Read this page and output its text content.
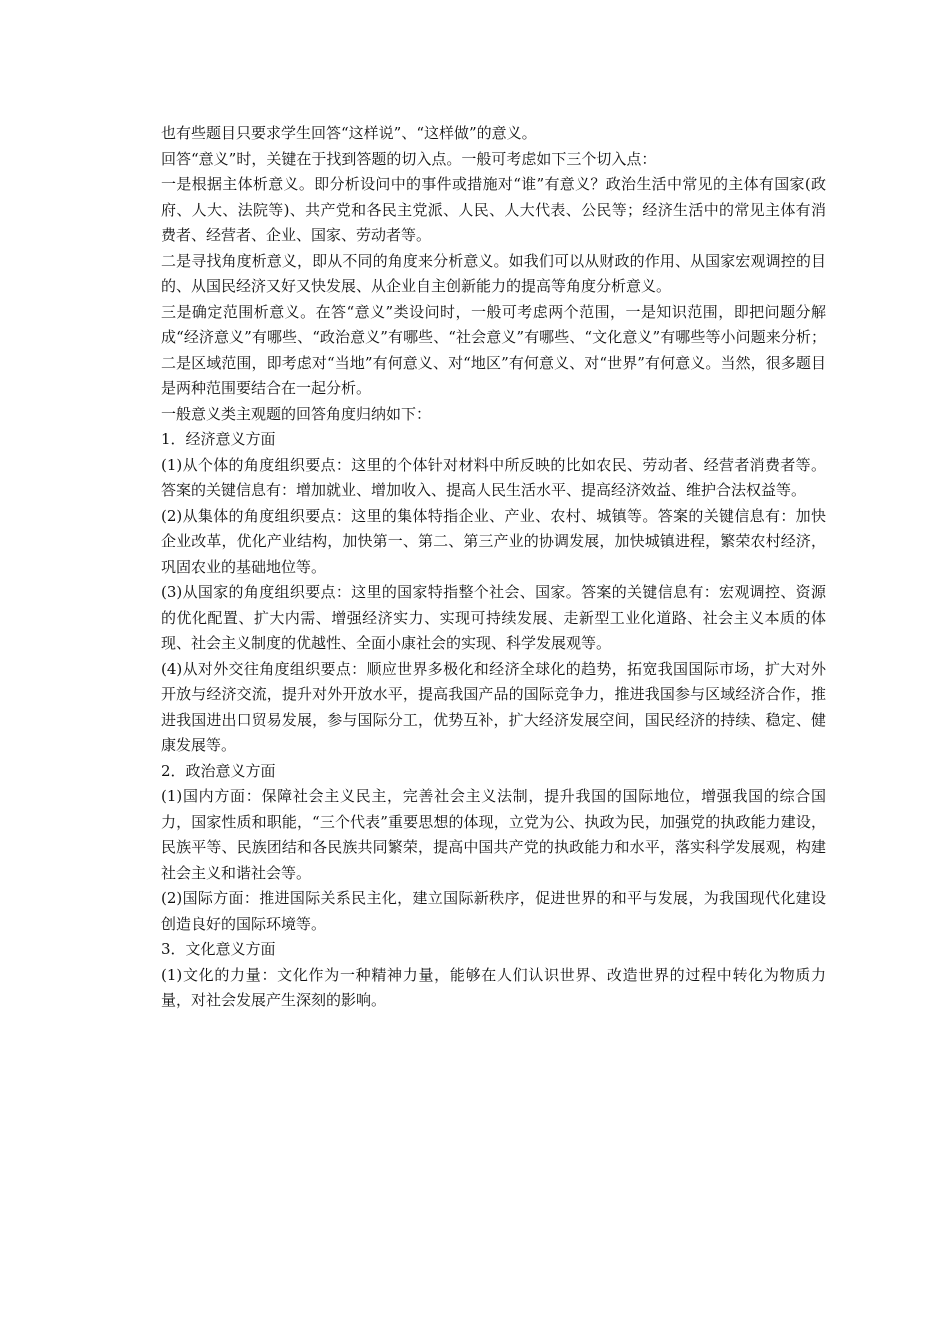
也有些题目只要求学生回答“这样说”、“这样做”的意义。

回答“意义”时，关键在于找到答题的切入点。一般可考虑如下三个切入点：

一是根据主体析意义。即分析设问中的事件或措施对“谁”有意义？政治生活中常见的主体有国家(政府、人大、法院等)、共产党和各民主党派、人民、人大代表、公民等；经济生活中的常见主体有消费者、经营者、企业、国家、劳动者等。

二是寻找角度析意义，即从不同的角度来分析意义。如我们可以从财政的作用、从国家宏观调控的目的、从国民经济又好又快发展、从企业自主创新能力的提高等角度分析意义。

三是确定范围析意义。在答“意义”类设问时，一般可考虑两个范围，一是知识范围，即把问题分解成“经济意义”有哪些、“政治意义”有哪些、“社会意义”有哪些、“文化意义”有哪些等小问题来分析；二是区域范围，即考虑对“当地”有何意义、对“地区”有何意义、对“世界”有何意义。当然，很多题目是两种范围要结合在一起分析。

一般意义类主观题的回答角度归纳如下：

1．经济意义方面

(1)从个体的角度组织要点：这里的个体针对材料中所反映的比如农民、劳动者、经营者消费者等。答案的关键信息有：增加就业、增加收入、提高人民生活水平、提高经济效益、维护合法权益等。

(2)从集体的角度组织要点：这里的集体特指企业、产业、农村、城镇等。答案的关键信息有：加快企业改革，优化产业结构，加快第一、第二、第三产业的协调发展，加快城镇进程，繁荣农村经济，巩固农业的基础地位等。

(3)从国家的角度组织要点：这里的国家特指整个社会、国家。答案的关键信息有：宏观调控、资源的优化配置、扩大内需、增强经济实力、实现可持续发展、走新型工业化道路、社会主义本质的体现、社会主义制度的优越性、全面小康社会的实现、科学发展观等。

(4)从对外交往角度组织要点：顺应世界多极化和经济全球化的趋势，拓宽我国国际市场，扩大对外开放与经济交流，提升对外开放水平，提高我国产品的国际竞争力，推进我国参与区域经济合作，推进我国进出口贸易发展，参与国际分工，优势互补，扩大经济发展空间，国民经济的持续、稳定、健康发展等。

2．政治意义方面

(1)国内方面：保障社会主义民主，完善社会主义法制，提升我国的国际地位，增强我国的综合国力，国家性质和职能，“三个代表”重要思想的体现，立党为公、执政为民，加强党的执政能力建设，民族平等、民族团结和各民族共同繁荣，提高中国共产党的执政能力和水平，落实科学发展观，构建社会主义和谐社会等。

(2)国际方面：推进国际关系民主化，建立国际新秩序，促进世界的和平与发展，为我国现代化建设创造良好的国际环境等。

3．文化意义方面

(1)文化的力量：文化作为一种精神力量，能够在人们认识世界、改造世界的过程中转化为物质力量，对社会发展产生深刻的影响。
